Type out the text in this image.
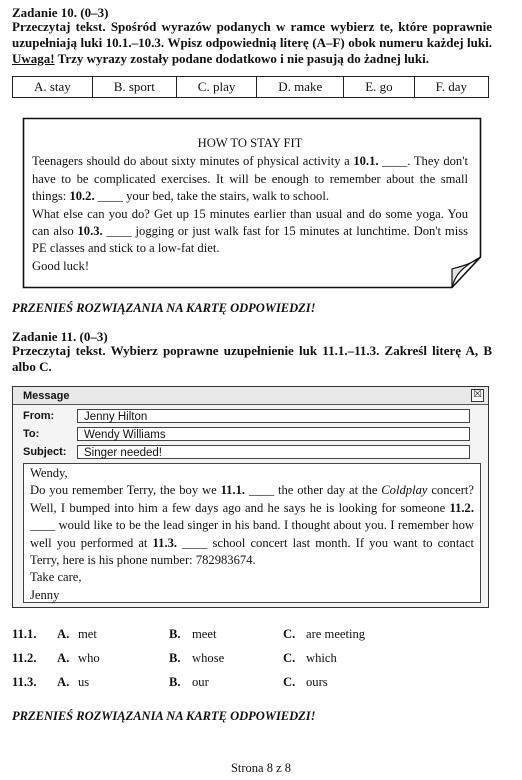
Zadanie 10. (0–3)
Przeczytaj tekst. Spośród wyrazów podanych w ramce wybierz te, które poprawnie uzupełniają luki 10.1.–10.3. Wpisz odpowiednią literę (A–F) obok numeru każdej luki. Uwaga! Trzy wyrazy zostały podane dodatkowo i nie pasują do żadnej luki.
A. stay	B. sport	C. play	D. make	E. go	F. day
HOW TO STAY FIT
Teenagers should do about sixty minutes of physical activity a 10.1. ____. They don't have to be complicated exercises. It will be enough to remember about the small things: 10.2. ____ your bed, take the stairs, walk to school.
What else can you do? Get up 15 minutes earlier than usual and do some yoga. You can also 10.3. ____ jogging or just walk fast for 15 minutes at lunchtime. Don't miss PE classes and stick to a low-fat diet.
Good luck!
PRZENIEŚ ROZWIĄZANIA NA KARTĘ ODPOWIEDZI!
Zadanie 11. (0–3)
Przeczytaj tekst. Wybierz poprawne uzupełnienie luk 11.1.–11.3. Zakreśl literę A, B albo C.
Message	☒
From:	Jenny Hilton
To:	Wendy Williams
Subject:	Singer needed!
Wendy,
Do you remember Terry, the boy we 11.1. ____ the other day at the Coldplay concert? Well, I bumped into him a few days ago and he says he is looking for someone 11.2. ____ would like to be the lead singer in his band. I thought about you. I remember how well you performed at 11.3. ____ school concert last month. If you want to contact Terry, here is his phone number: 782983674.
Take care,
Jenny
11.1. A. met	B. meet	C. are meeting
11.2. A. who	B. whose	C. which
11.3. A. us	B. our	C. ours
PRZENIEŚ ROZWIĄZANIA NA KARTĘ ODPOWIEDZI!
Strona 8 z 8
